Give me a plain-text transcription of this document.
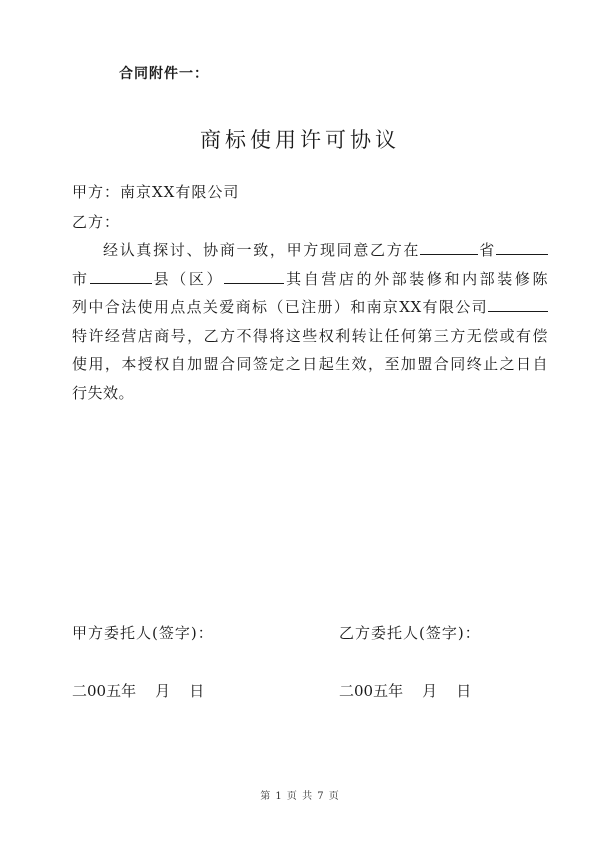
合同附件一：
商标使用许可协议
甲方：南京XX有限公司
乙方：
经认真探讨、协商一致，甲方现同意乙方在	省
市	县（区）	其自营店的外部装修和内部装修陈
列中合法使用点点关爱商标（已注册）和南京XX有限公司
特许经营店商号，乙方不得将这些权利转让任何第三方无偿或有偿
使用，本授权自加盟合同签定之日起生效，至加盟合同终止之日自
行失效。
甲方委托人(签字)：	乙方委托人(签字)：
二00五年    月    日	二00五年    月    日
第 1 页 共 7 页
